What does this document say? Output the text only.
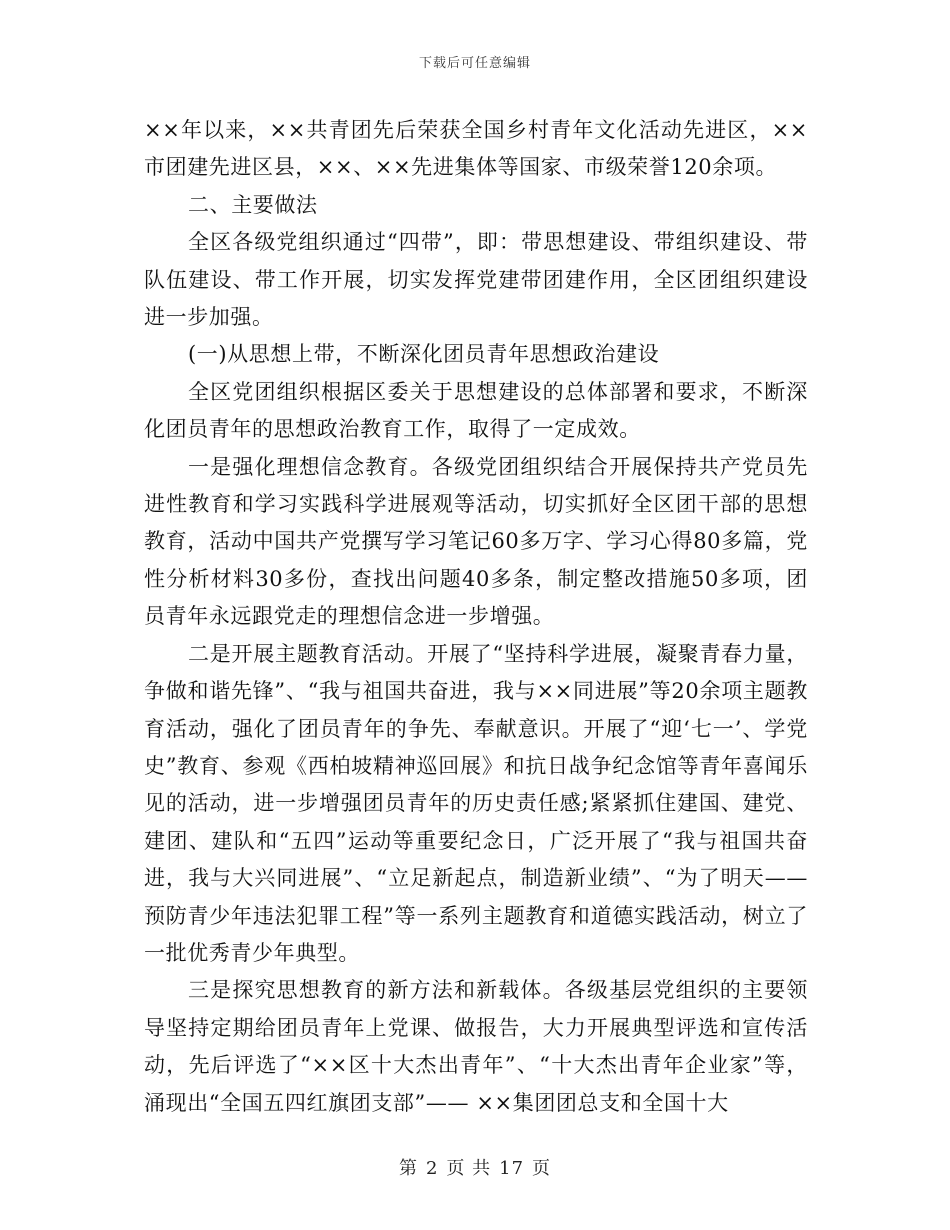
下载后可任意编辑

××年以来，××共青团先后荣获全国乡村青年文化活动先进区，××市团建先进区县，××、××先进集体等国家、市级荣誉120余项。

二、主要做法

全区各级党组织通过“四带”，即：带思想建设、带组织建设、带队伍建设、带工作开展，切实发挥党建带团建作用，全区团组织建设进一步加强。

(一)从思想上带，不断深化团员青年思想政治建设

全区党团组织根据区委关于思想建设的总体部署和要求，不断深化团员青年的思想政治教育工作，取得了一定成效。

一是强化理想信念教育。各级党团组织结合开展保持共产党员先进性教育和学习实践科学进展观等活动，切实抓好全区团干部的思想教育，活动中国共产党撰写学习笔记60多万字、学习心得80多篇，党性分析材料30多份，查找出问题40多条，制定整改措施50多项，团员青年永远跟党走的理想信念进一步增强。

二是开展主题教育活动。开展了“坚持科学进展，凝聚青春力量，争做和谐先锋”、“我与祖国共奋进，我与××同进展”等20余项主题教育活动，强化了团员青年的争先、奉献意识。开展了“迎‘七一’、学党史”教育、参观《西柏坡精神巡回展》和抗日战争纪念馆等青年喜闻乐见的活动，进一步增强团员青年的历史责任感;紧紧抓住建国、建党、建团、建队和“五四”运动等重要纪念日，广泛开展了“我与祖国共奋进，我与大兴同进展”、“立足新起点，制造新业绩”、“为了明天——预防青少年违法犯罪工程”等一系列主题教育和道德实践活动，树立了一批优秀青少年典型。

三是探究思想教育的新方法和新载体。各级基层党组织的主要领导坚持定期给团员青年上党课、做报告，大力开展典型评选和宣传活动，先后评选了“××区十大杰出青年”、“十大杰出青年企业家”等，涌现出“全国五四红旗团支部”—— ××集团团总支和全国十大

第 2 页 共 17 页
